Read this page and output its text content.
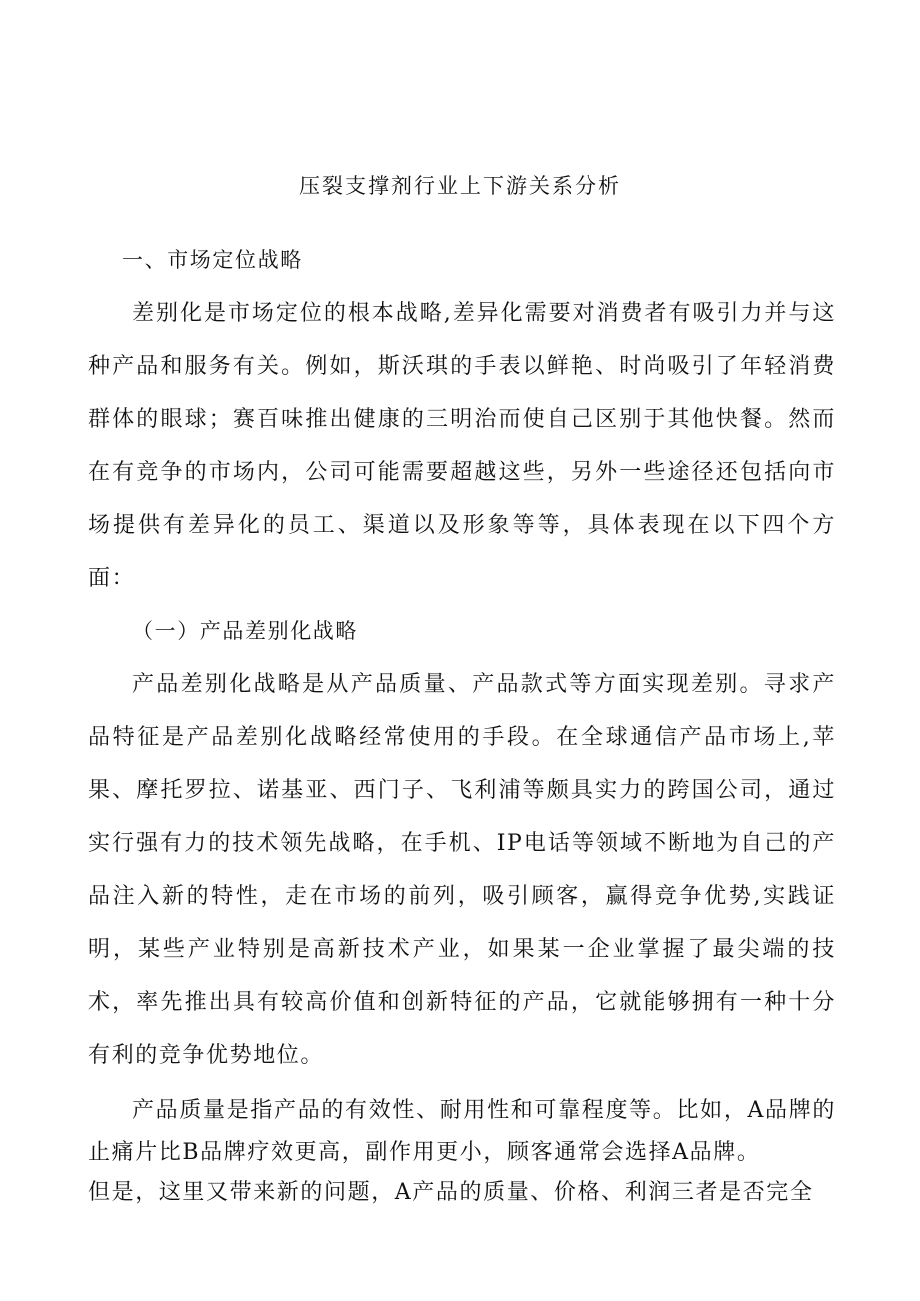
压裂支撑剂行业上下游关系分析

一、市场定位战略

差别化是市场定位的根本战略,差异化需要对消费者有吸引力并与这种产品和服务有关。例如，斯沃琪的手表以鲜艳、时尚吸引了年轻消费群体的眼球；赛百味推出健康的三明治而使自己区别于其他快餐。然而在有竞争的市场内，公司可能需要超越这些，另外一些途径还包括向市场提供有差异化的员工、渠道以及形象等等，具体表现在以下四个方面：

（一）产品差别化战略

产品差别化战略是从产品质量、产品款式等方面实现差别。寻求产品特征是产品差别化战略经常使用的手段。在全球通信产品市场上,苹果、摩托罗拉、诺基亚、西门子、飞利浦等颇具实力的跨国公司，通过实行强有力的技术领先战略，在手机、IP电话等领域不断地为自己的产品注入新的特性，走在市场的前列，吸引顾客，赢得竞争优势,实践证明，某些产业特别是高新技术产业，如果某一企业掌握了最尖端的技术，率先推出具有较高价值和创新特征的产品，它就能够拥有一种十分有利的竞争优势地位。

产品质量是指产品的有效性、耐用性和可靠程度等。比如，A品牌的止痛片比B品牌疗效更高，副作用更小，顾客通常会选择A品牌。

但是，这里又带来新的问题，A产品的质量、价格、利润三者是否完全
